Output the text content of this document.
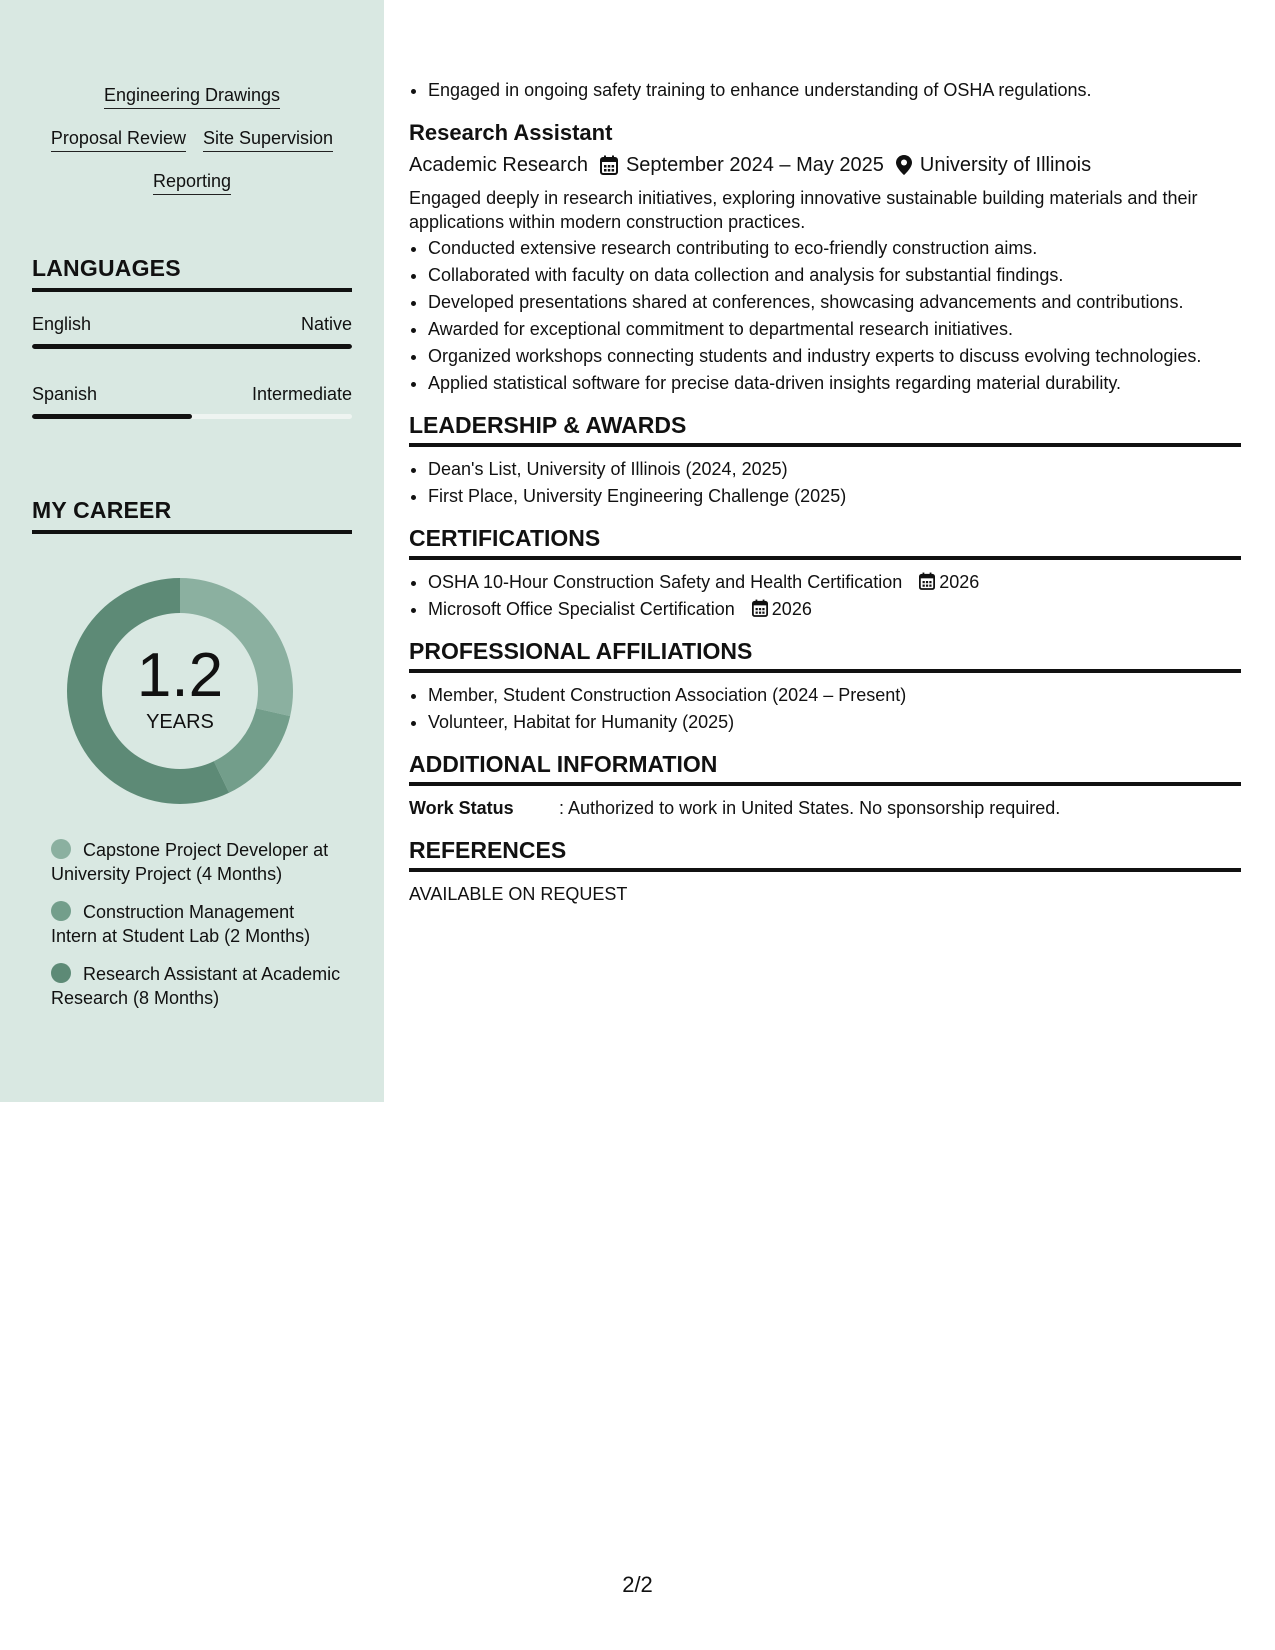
Engineering Drawings
Proposal Review Site Supervision
Reporting
LANGUAGES
English	Native
Spanish	Intermediate
MY CAREER
1.2
YEARS
Capstone Project Developer at University Project (4 Months)
Construction Management Intern at Student Lab (2 Months)
Research Assistant at Academic Research (8 Months)
• Engaged in ongoing safety training to enhance understanding of OSHA regulations.
Research Assistant
Academic Research September 2024 – May 2025 University of Illinois
Engaged deeply in research initiatives, exploring innovative sustainable building materials and their applications within modern construction practices.
• Conducted extensive research contributing to eco-friendly construction aims.
• Collaborated with faculty on data collection and analysis for substantial findings.
• Developed presentations shared at conferences, showcasing advancements and contributions.
• Awarded for exceptional commitment to departmental research initiatives.
• Organized workshops connecting students and industry experts to discuss evolving technologies.
• Applied statistical software for precise data-driven insights regarding material durability.
LEADERSHIP & AWARDS
• Dean's List, University of Illinois (2024, 2025)
• First Place, University Engineering Challenge (2025)
CERTIFICATIONS
• OSHA 10-Hour Construction Safety and Health Certification 2026
• Microsoft Office Specialist Certification 2026
PROFESSIONAL AFFILIATIONS
• Member, Student Construction Association (2024 – Present)
• Volunteer, Habitat for Humanity (2025)
ADDITIONAL INFORMATION
Work Status	: Authorized to work in United States. No sponsorship required.
REFERENCES
AVAILABLE ON REQUEST
2/2
